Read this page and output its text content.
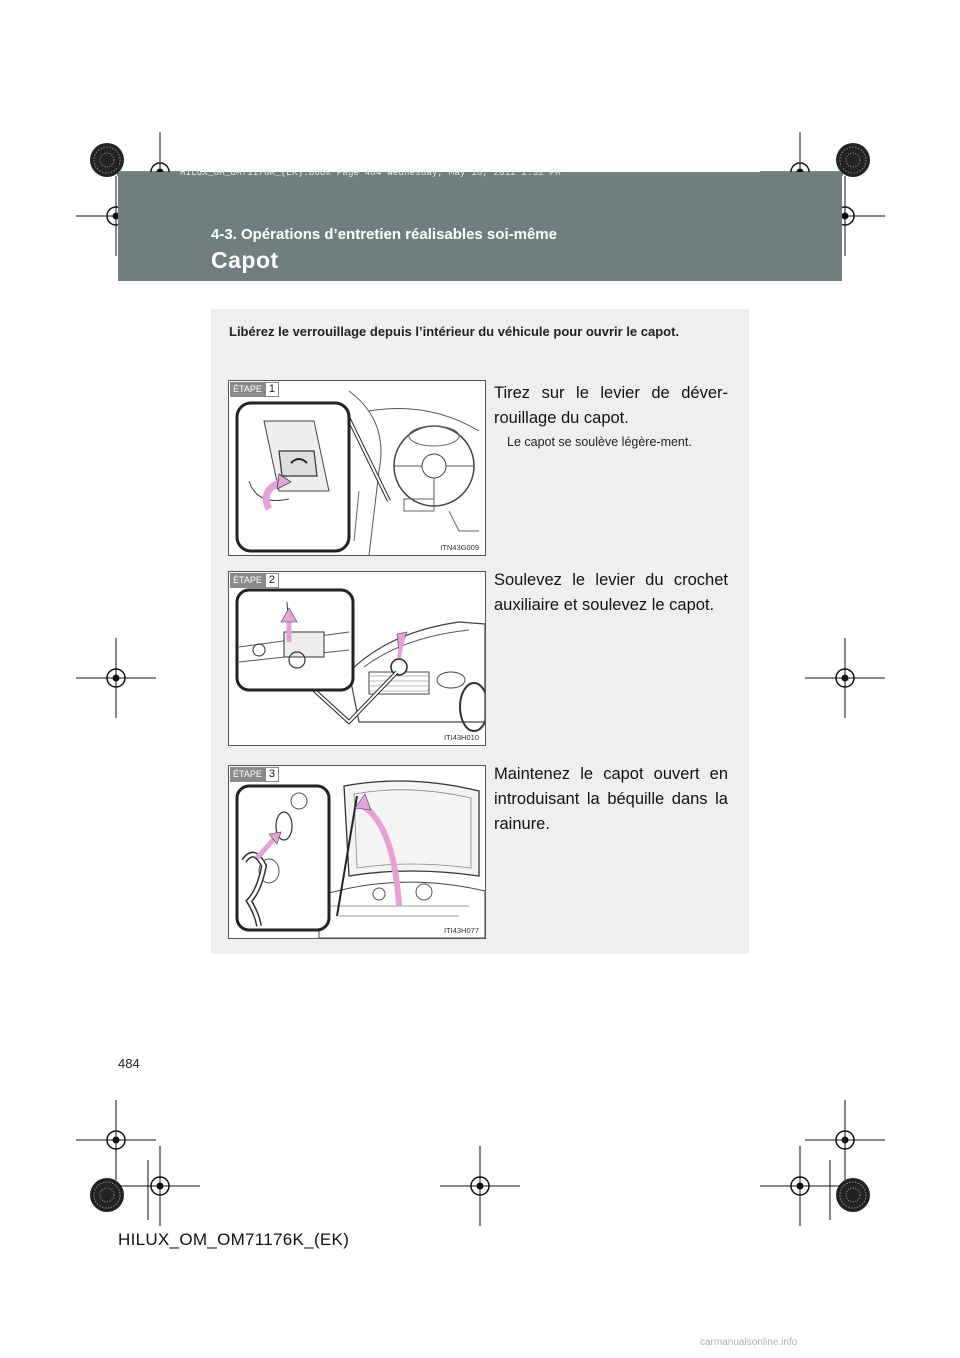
HILUX_OM_OM71176K_(EK).book Page 484 Wednesday, May 16, 2012 2:32 PM
4-3. Opérations d’entretien réalisables soi-même
Capot
Libérez le verrouillage depuis l’intérieur du véhicule pour ouvrir le capot.
ÉTAPE 1
ITN43G009
Tirez sur le levier de déver-rouillage du capot.
Le capot se soulève légère-ment.
ÉTAPE 2
ITI43H010
Soulevez le levier du crochet auxiliaire et soulevez le capot.
ÉTAPE 3
ITI43H077
Maintenez le capot ouvert en introduisant la béquille dans la rainure.
484
HILUX_OM_OM71176K_(EK)
carmanualsonline.info
